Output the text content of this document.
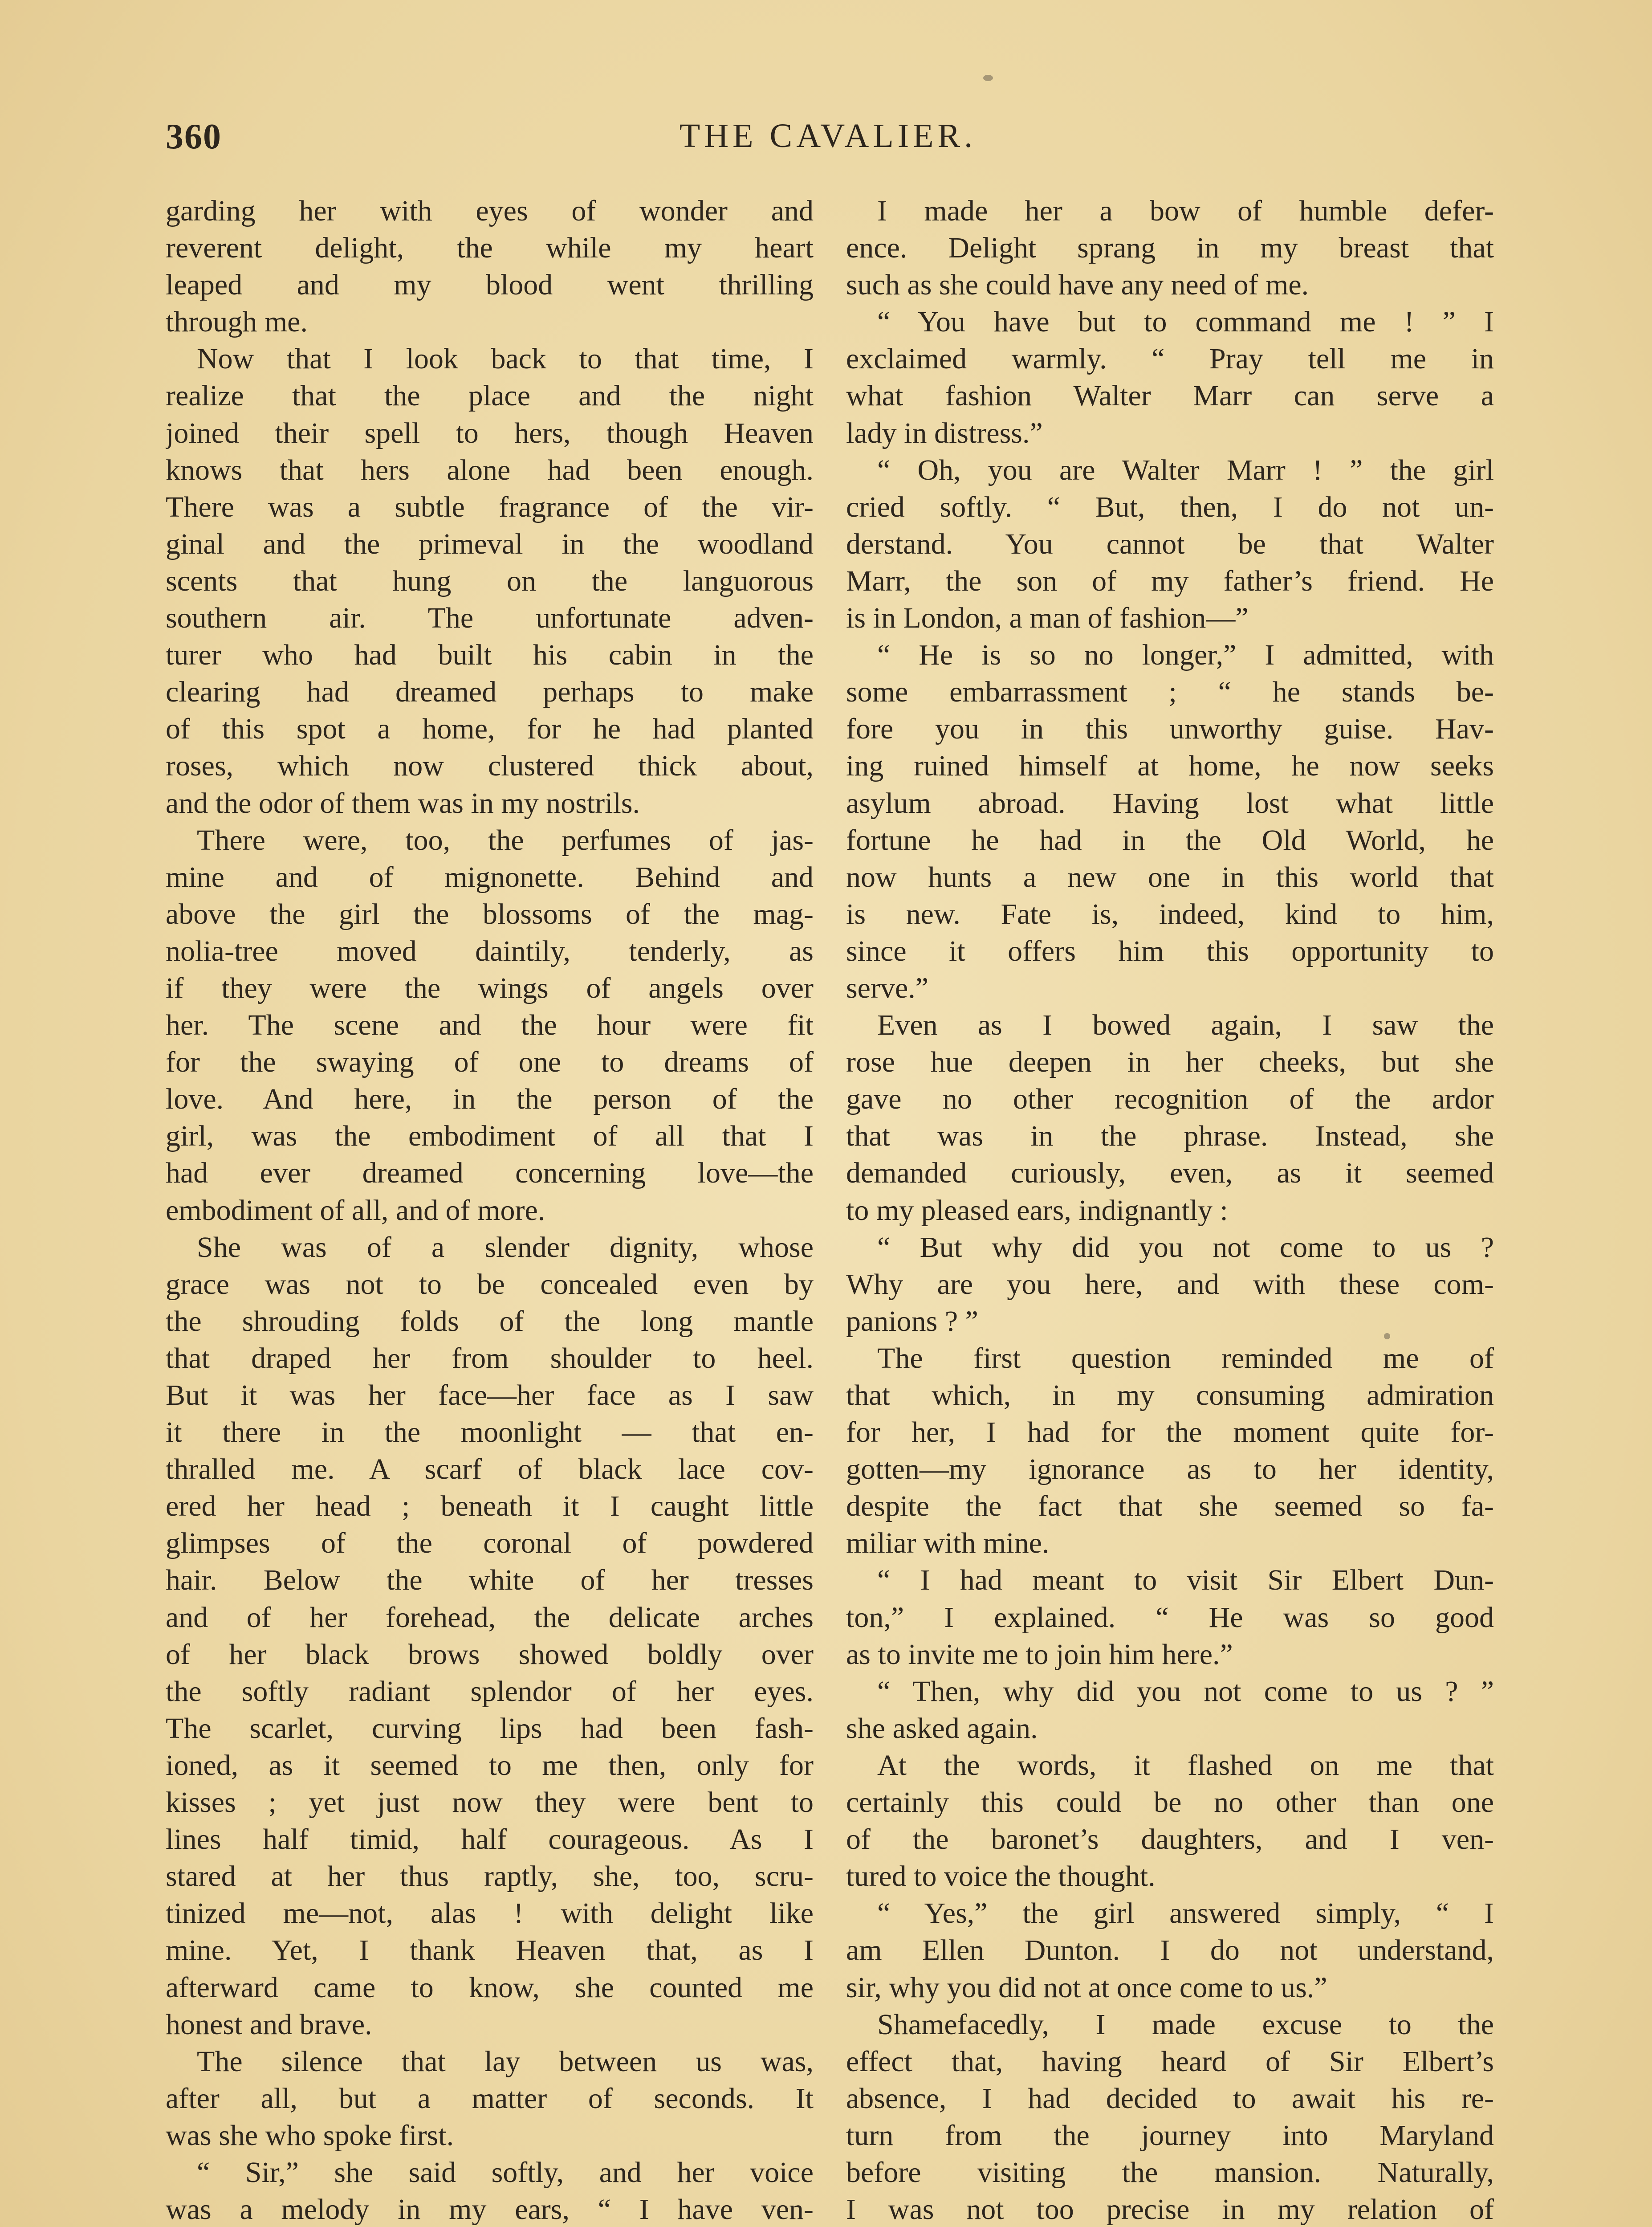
360	THE CAVALIER.
garding her with eyes of wonder and
reverent delight, the while my heart
leaped and my blood went thrilling
through me.
Now that I look back to that time, I
realize that the place and the night
joined their spell to hers, though Heaven
knows that hers alone had been enough.
There was a subtle fragrance of the vir-
ginal and the primeval in the woodland
scents that hung on the languorous
southern air. The unfortunate adven-
turer who had built his cabin in the
clearing had dreamed perhaps to make
of this spot a home, for he had planted
roses, which now clustered thick about,
and the odor of them was in my nostrils.
There were, too, the perfumes of jas-
mine and of mignonette. Behind and
above the girl the blossoms of the mag-
nolia-tree moved daintily, tenderly, as
if they were the wings of angels over
her. The scene and the hour were fit
for the swaying of one to dreams of
love. And here, in the person of the
girl, was the embodiment of all that I
had ever dreamed concerning love—the
embodiment of all, and of more.
She was of a slender dignity, whose
grace was not to be concealed even by
the shrouding folds of the long mantle
that draped her from shoulder to heel.
But it was her face—her face as I saw
it there in the moonlight — that en-
thralled me. A scarf of black lace cov-
ered her head ; beneath it I caught little
glimpses of the coronal of powdered
hair. Below the white of her tresses
and of her forehead, the delicate arches
of her black brows showed boldly over
the softly radiant splendor of her eyes.
The scarlet, curving lips had been fash-
ioned, as it seemed to me then, only for
kisses ; yet just now they were bent to
lines half timid, half courageous. As I
stared at her thus raptly, she, too, scru-
tinized me—not, alas ! with delight like
mine. Yet, I thank Heaven that, as I
afterward came to know, she counted me
honest and brave.
The silence that lay between us was,
after all, but a matter of seconds. It
was she who spoke first.
“ Sir,” she said softly, and her voice
was a melody in my ears, “ I have ven-
I made her a bow of humble defer-
ence. Delight sprang in my breast that
such as she could have any need of me.
“ You have but to command me ! ” I
exclaimed warmly. “ Pray tell me in
what fashion Walter Marr can serve a
lady in distress.”
“ Oh, you are Walter Marr ! ” the girl
cried softly. “ But, then, I do not un-
derstand. You cannot be that Walter
Marr, the son of my father’s friend. He
is in London, a man of fashion—”
“ He is so no longer,” I admitted, with
some embarrassment ; “ he stands be-
fore you in this unworthy guise. Hav-
ing ruined himself at home, he now seeks
asylum abroad. Having lost what little
fortune he had in the Old World, he
now hunts a new one in this world that
is new. Fate is, indeed, kind to him,
since it offers him this opportunity to
serve.”
Even as I bowed again, I saw the
rose hue deepen in her cheeks, but she
gave no other recognition of the ardor
that was in the phrase. Instead, she
demanded curiously, even, as it seemed
to my pleased ears, indignantly :
“ But why did you not come to us ?
Why are you here, and with these com-
panions ? ”
The first question reminded me of
that which, in my consuming admiration
for her, I had for the moment quite for-
gotten—my ignorance as to her identity,
despite the fact that she seemed so fa-
miliar with mine.
“ I had meant to visit Sir Elbert Dun-
ton,” I explained. “ He was so good
as to invite me to join him here.”
“ Then, why did you not come to us ? ”
she asked again.
At the words, it flashed on me that
certainly this could be no other than one
of the baronet’s daughters, and I ven-
tured to voice the thought.
“ Yes,” the girl answered simply, “ I
am Ellen Dunton. I do not understand,
sir, why you did not at once come to us.”
Shamefacedly, I made excuse to the
effect that, having heard of Sir Elbert’s
absence, I had decided to await his re-
turn from the journey into Maryland
before visiting the mansion. Naturally,
I was not too precise in my relation of
